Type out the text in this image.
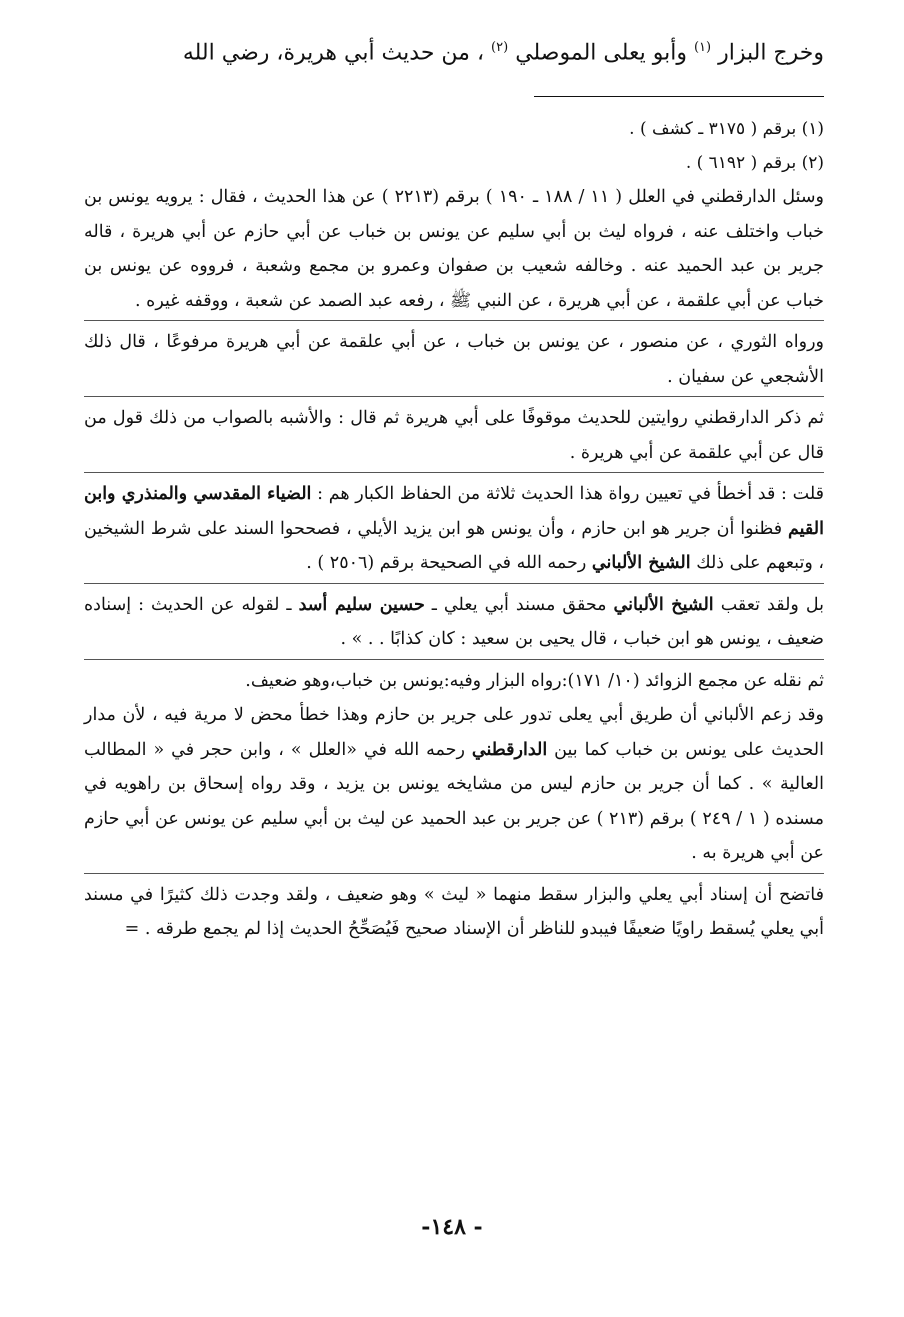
وخرج البزار $^{(١)}$ وأبو يعلى الموصلي $^{(٢)}$ ، من حديث أبي هريرة، رضي الله

(١) برقم ( ٣١٧٥ ـ كشف ) .

(٢) برقم ( ٦١٩٢ ) .

وسئل الدارقطني في العلل ( ١١ / ١٨٨ ـ ١٩٠ ) برقم (٢٢١٣ ) عن هذا الحديث ، فقال : يرويه يونس بن خباب واختلف عنه ، فرواه ليث بن أبي سليم عن يونس بن خباب عن أبي حازم عن أبي هريرة ، قاله جرير بن عبد الحميد عنه . وخالفه شعيب بن صفوان وعمرو بن مجمع وشعبة ، فرووه عن يونس بن خباب عن أبي علقمة ، عن أبي هريرة ، عن النبي ﷺ ، رفعه عبد الصمد عن شعبة ، ووقفه غيره .

ورواه الثوري ، عن منصور ، عن يونس بن خباب ، عن أبي علقمة عن أبي هريرة مرفوعًا ، قال ذلك الأشجعي عن سفيان .

ثم ذكر الدارقطني روايتين للحديث موقوفًا على أبي هريرة ثم قال : والأشبه بالصواب من ذلك قول من قال عن أبي علقمة عن أبي هريرة .

قلت : قد أخطأ في تعيين رواة هذا الحديث ثلاثة من الحفاظ الكبار هم : الضياء المقدسي والمنذري وابن القيم فظنوا أن جرير هو ابن حازم ، وأن يونس هو ابن يزيد الأيلي ، فصححوا السند على شرط الشيخين ، وتبعهم على ذلك الشيخ الألباني رحمه الله في الصحيحة برقم (٢٥٠٦ ) .

بل ولقد تعقب الشيخ الألباني محقق مسند أبي يعلي ـ حسين سليم أسد ـ لقوله عن الحديث : إسناده ضعيف ، يونس هو ابن خباب ، قال يحيى بن سعيد : كان كذابًا . . » .

ثم نقله عن مجمع الزوائد (١٠/ ١٧١):رواه البزار وفيه:يونس بن خباب،وهو ضعيف.

وقد زعم الألباني أن طريق أبي يعلى تدور على جرير بن حازم وهذا خطأ محض لا مرية فيه ، لأن مدار الحديث على يونس بن خباب كما بين الدارقطني رحمه الله في «العلل » ، وابن حجر في « المطالب العالية » . كما أن جرير بن حازم ليس من مشايخه يونس بن يزيد ، وقد رواه إسحاق بن راهويه في مسنده ( ١ / ٢٤٩ ) برقم (٢١٣ ) عن جرير بن عبد الحميد عن ليث بن أبي سليم عن يونس عن أبي حازم عن أبي هريرة به .

فاتضح أن إسناد أبي يعلي والبزار سقط منهما « ليث » وهو ضعيف ، ولقد وجدت ذلك كثيرًا في مسند أبي يعلي يُسقط راويًا ضعيفًا فيبدو للناظر أن الإسناد صحيح فَيُصَحِّحُ الحديث إذا لم يجمع طرقه . =

- ١٤٨-
